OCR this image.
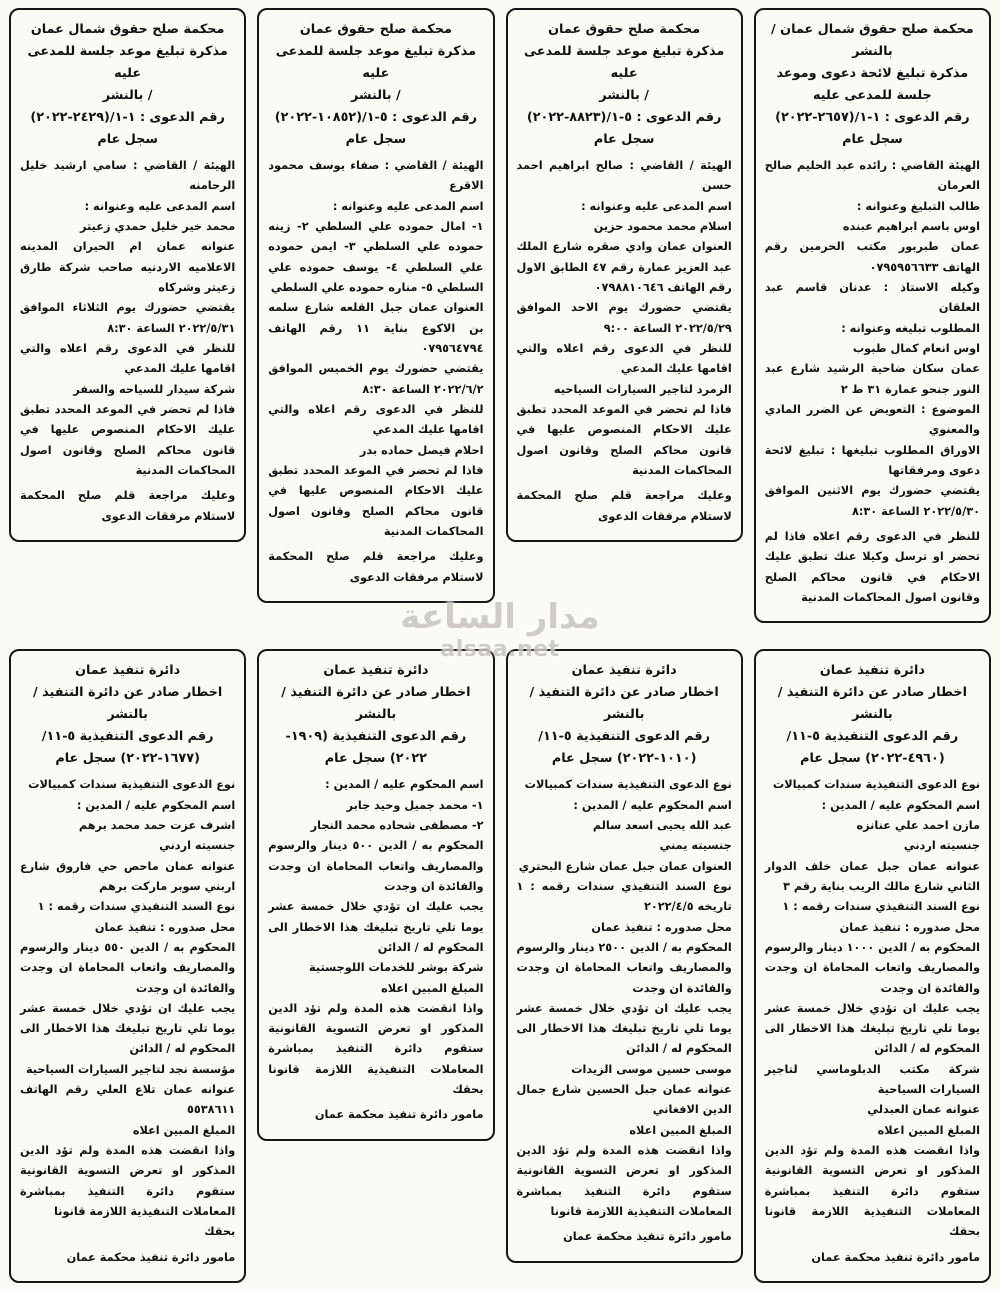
محكمة صلح حقوق شمال عمان / بالنشر

مذكرة تبليغ لائحة دعوى وموعد جلسة للمدعى عليه

رقم الدعوى : ١-١/(٢٦٥٧-٢٠٢٢)

سجل عام

الهيئة القاضي : رائده عبد الحليم صالح العرمان

طالب التبليغ وعنوانه :

اوس باسم ابراهيم عبنده

عمان طبربور مكتب الحرمين رقم الهاتف ٠٧٩٥٩٥٦٦٣٣

وكيله الاستاذ : عدنان قاسم عبد العلقان

المطلوب تبليغه وعنوانه :

اوس انعام كمال طبوب

عمان سكان ضاحية الرشيد شارع عبد النور جنحو عمارة ٣١ ط ٢

الموضوع : التعويض عن الضرر المادي والمعنوي

الاوراق المطلوب تبليغها : تبليغ لائحة دعوى ومرفقاتها

يقتضي حضورك يوم الاثنين الموافق ٢٠٢٢/٥/٣٠ الساعة ٨:٣٠

للنظر في الدعوى رقم اعلاه فاذا لم تحضر او ترسل وكيلا عنك تطبق عليك الاحكام في قانون محاكم الصلح وقانون اصول المحاكمات المدنية

محكمة صلح حقوق عمان

مذكرة تبليغ موعد جلسة للمدعى عليه

/ بالنشر

رقم الدعوى : ٥-١/(٨٨٢٣-٢٠٢٢)

سجل عام

الهيئة / القاضي : صالح ابراهيم احمد حسن

اسم المدعى عليه وعنوانه :

اسلام محمد محمود حزين

العنوان عمان وادي صقره شارع الملك عبد العزيز عمارة رقم ٤٧ الطابق الاول رقم الهاتف ٠٧٩٨٨١٠٦٤٦

يقتضي حضورك يوم الاحد الموافق ٢٠٢٢/٥/٢٩ الساعة ٩:٠٠

للنظر في الدعوى رقم اعلاه والتي اقامها عليك المدعي

الزمرد لتاجير السيارات السياحيه

فاذا لم تحضر في الموعد المحدد تطبق عليك الاحكام المنصوص عليها في قانون محاكم الصلح وقانون اصول المحاكمات المدنية

وعليك مراجعة قلم صلح المحكمة لاستلام مرفقات الدعوى

محكمة صلح حقوق عمان

مذكرة تبليغ موعد جلسة للمدعى عليه

/ بالنشر

رقم الدعوى : ٥-١/(١٠٨٥٢-٢٠٢٢)

سجل عام

الهيئة / القاضي : صفاء يوسف محمود الاقرع

اسم المدعى عليه وعنوانه :

١- امال حموده علي السلطي ٢- زينه حموده علي السلطي ٣- ايمن حموده علي السلطي ٤- يوسف حموده علي السلطي ٥- مناره حموده علي السلطي

العنوان عمان جبل القلعه شارع سلمه بن الاكوع بناية ١١ رقم الهاتف ٠٧٩٥٦٤٧٩٤

يقتضي حضورك يوم الخميس الموافق ٢٠٢٢/٦/٢ الساعة ٨:٣٠

للنظر في الدعوى رقم اعلاه والتي اقامها عليك المدعي

احلام فيصل حماده بدر

فاذا لم تحضر في الموعد المحدد تطبق عليك الاحكام المنصوص عليها في قانون محاكم الصلح وقانون اصول المحاكمات المدنية

وعليك مراجعة قلم صلح المحكمة لاستلام مرفقات الدعوى

محكمة صلح حقوق شمال عمان

مذكرة تبليغ موعد جلسة للمدعى عليه

/ بالنشر

رقم الدعوى : ١-١/(٢٤٢٩-٢٠٢٢)

سجل عام

الهيئة / القاضي : سامي ارشيد خليل الرحامنه

اسم المدعى عليه وعنوانه :

محمد خير خليل حمدي زعيتر

عنوانه عمان ام الحيران المدينه الاعلاميه الاردنيه صاحب شركة طارق زعيتر وشركاه

يقتضي حضورك يوم الثلاثاء الموافق ٢٠٢٢/٥/٣١ الساعة ٨:٣٠

للنظر في الدعوى رقم اعلاه والتي اقامها عليك المدعي

شركة سيدار للسياحه والسفر

فاذا لم تحضر في الموعد المحدد تطبق عليك الاحكام المنصوص عليها في قانون محاكم الصلح وقانون اصول المحاكمات المدنية

وعليك مراجعة قلم صلح المحكمة لاستلام مرفقات الدعوى

دائرة تنفيذ عمان

اخطار صادر عن دائرة التنفيذ / بالنشر

رقم الدعوى التنفيذية ٥-١١/

(٤٩٦٠-٢٠٢٢) سجل عام

نوع الدعوى التنفيذية سندات كمبيالات

اسم المحكوم عليه / المدين :

مازن احمد علي عنانزه

جنسيته اردني

عنوانه عمان جبل عمان خلف الدوار الثاني شارع مالك الريب بناية رقم ٣

نوع السند التنفيذي سندات رقمه : ١

محل صدوره : تنفيذ عمان

المحكوم به / الدين ١٠٠٠ دينار والرسوم والمصاريف واتعاب المحاماة ان وجدت والفائدة ان وجدت

يجب عليك ان تؤدي خلال خمسة عشر يوما تلي تاريخ تبليغك هذا الاخطار الى المحكوم له / الدائن

شركة مكتب الدبلوماسي لتاجير السيارات السياحية

عنوانه عمان العبدلي

المبلغ المبين اعلاه

واذا انقضت هذه المدة ولم تؤد الدين المذكور او تعرض التسوية القانونية ستقوم دائرة التنفيذ بمباشرة المعاملات التنفيذية اللازمة قانونا بحقك

مامور دائرة تنفيذ محكمة عمان

دائرة تنفيذ عمان

اخطار صادر عن دائرة التنفيذ / بالنشر

رقم الدعوى التنفيذية ٥-١١/

(١٠١٠-٢٠٢٢) سجل عام

نوع الدعوى التنفيذية سندات كمبيالات

اسم المحكوم عليه / المدين :

عبد الله يحيى اسعد سالم

جنسيته يمني

العنوان عمان جبل عمان شارع البحتري

نوع السند التنفيذي سندات رقمه : ١ تاريخه ٢٠٢٢/٤/٥

محل صدوره : تنفيذ عمان

المحكوم به / الدين ٢٥٠٠ دينار والرسوم والمصاريف واتعاب المحاماة ان وجدت والفائدة ان وجدت

يجب عليك ان تؤدي خلال خمسة عشر يوما تلي تاريخ تبليغك هذا الاخطار الى المحكوم له / الدائن

موسى حسين موسى الزيدات

عنوانه عمان جبل الحسين شارع جمال الدين الافغاني

المبلغ المبين اعلاه

واذا انقضت هذه المدة ولم تؤد الدين المذكور او تعرض التسوية القانونية ستقوم دائرة التنفيذ بمباشرة المعاملات التنفيذية اللازمة قانونا

مامور دائرة تنفيذ محكمة عمان

دائرة تنفيذ عمان

اخطار صادر عن دائرة التنفيذ / بالنشر

رقم الدعوى التنفيذية (١٩٠٩-

٢٠٢٢) سجل عام

اسم المحكوم عليه / المدين :

١- محمد جميل وحيد جابر

٢- مصطفى شحاده محمد النجار

المحكوم به / الدين ٥٠٠ دينار والرسوم والمصاريف واتعاب المحاماة ان وجدت والفائدة ان وجدت

يجب عليك ان تؤدي خلال خمسة عشر يوما تلي تاريخ تبليغك هذا الاخطار الى المحكوم له / الدائن

شركة بوشر للخدمات اللوجستية

المبلغ المبين اعلاه

واذا انقضت هذه المدة ولم تؤد الدين المذكور او تعرض التسوية القانونية ستقوم دائرة التنفيذ بمباشرة المعاملات التنفيذية اللازمة قانونا بحقك

مامور دائرة تنفيذ محكمة عمان

دائرة تنفيذ عمان

اخطار صادر عن دائرة التنفيذ / بالنشر

رقم الدعوى التنفيذية ٥-١١/

(١٦٧٧-٢٠٢٢) سجل عام

نوع الدعوى التنفيذية سندات كمبيالات

اسم المحكوم عليه / المدين :

اشرف عزت حمد محمد برهم

جنسيته اردني

عنوانه عمان ماحص حي فاروق شارع اربني سوبر ماركت برهم

نوع السند التنفيذي سندات رقمه : ١

محل صدوره : تنفيذ عمان

المحكوم به / الدين ٥٥٠ دينار والرسوم والمصاريف واتعاب المحاماة ان وجدت والفائدة ان وجدت

يجب عليك ان تؤدي خلال خمسة عشر يوما تلي تاريخ تبليغك هذا الاخطار الى المحكوم له / الدائن

مؤسسة نجد لتاجير السيارات السياحية

عنوانه عمان تلاع العلي رقم الهاتف ٥٥٣٨٦١١

المبلغ المبين اعلاه

واذا انقضت هذه المدة ولم تؤد الدين المذكور او تعرض التسوية القانونية ستقوم دائرة التنفيذ بمباشرة المعاملات التنفيذية اللازمة قانونا

بحقك

مامور دائرة تنفيذ محكمة عمان

مدار الساعة
alsaa.net
